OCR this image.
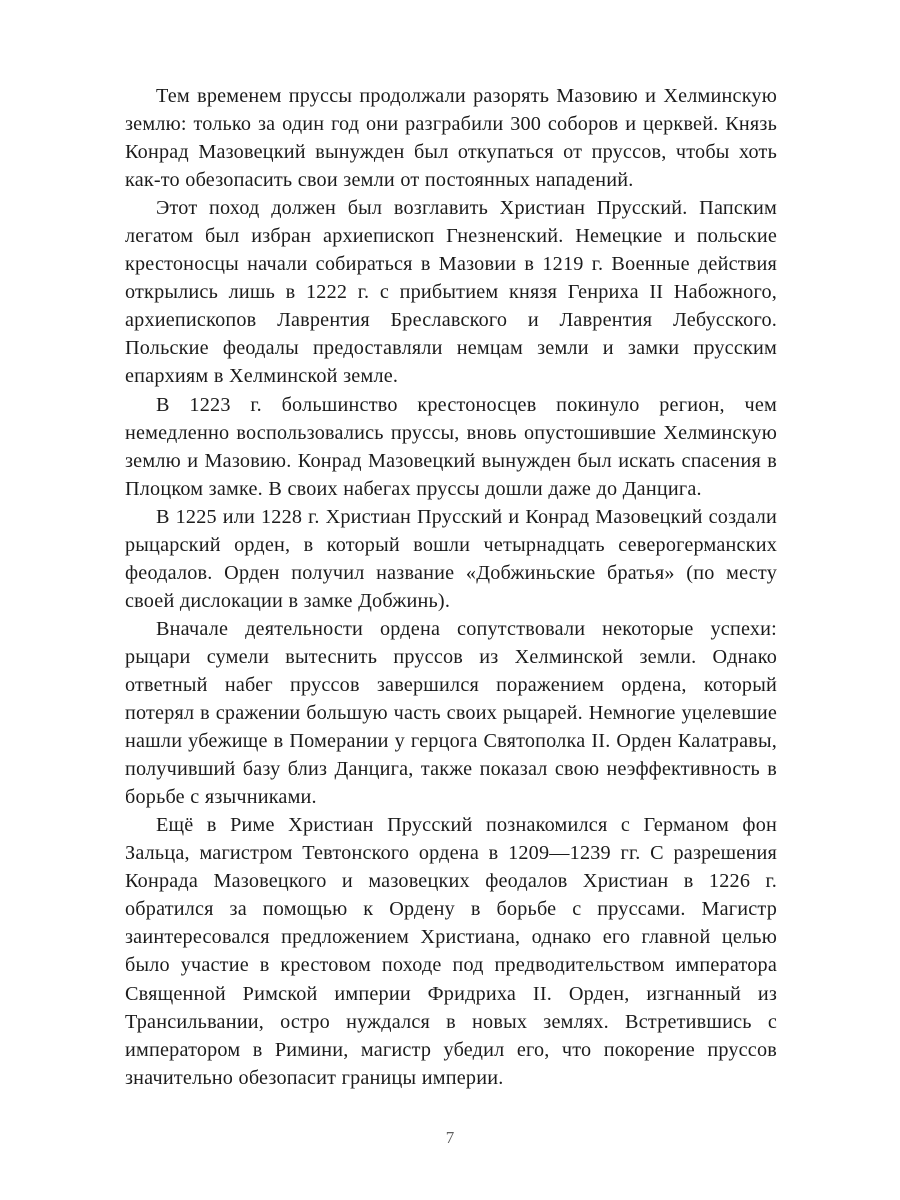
Тем временем пруссы продолжали разорять Мазовию и Хелминскую землю: только за один год они разграбили 300 соборов и церквей. Князь Конрад Мазовецкий вынужден был откупаться от пруссов, чтобы хоть как-то обезопасить свои земли от постоянных нападений.

Этот поход должен был возглавить Христиан Прусский. Папским легатом был избран архиепископ Гнезненский. Немецкие и польские крестоносцы начали собираться в Мазовии в 1219 г. Военные действия открылись лишь в 1222 г. с прибытием князя Генриха II Набожного, архиепископов Лаврентия Бреславского и Лаврентия Лебусского. Польские феодалы предоставляли немцам земли и замки прусским епархиям в Хелминской земле.

В 1223 г. большинство крестоносцев покинуло регион, чем немедленно воспользовались пруссы, вновь опустошившие Хелминскую землю и Мазовию. Конрад Мазовецкий вынужден был искать спасения в Плоцком замке. В своих набегах пруссы дошли даже до Данцига.

В 1225 или 1228 г. Христиан Прусский и Конрад Мазовецкий создали рыцарский орден, в который вошли четырнадцать северогерманских феодалов. Орден получил название «Добжиньские братья» (по месту своей дислокации в замке Добжинь).

Вначале деятельности ордена сопутствовали некоторые успехи: рыцари сумели вытеснить пруссов из Хелминской земли. Однако ответный набег пруссов завершился поражением ордена, который потерял в сражении большую часть своих рыцарей. Немногие уцелевшие нашли убежище в Померании у герцога Святополка II. Орден Калатравы, получивший базу близ Данцига, также показал свою неэффективность в борьбе с язычниками.

Ещё в Риме Христиан Прусский познакомился с Германом фон Зальца, магистром Тевтонского ордена в 1209—1239 гг. С разрешения Конрада Мазовецкого и мазовецких феодалов Христиан в 1226 г. обратился за помощью к Ордену в борьбе с пруссами. Магистр заинтересовался предложением Христиана, однако его главной целью было участие в крестовом походе под предводительством императора Священной Римской империи Фридриха II. Орден, изгнанный из Трансильвании, остро нуждался в новых землях. Встретившись с императором в Римини, магистр убедил его, что покорение пруссов значительно обезопасит границы империи.

7
